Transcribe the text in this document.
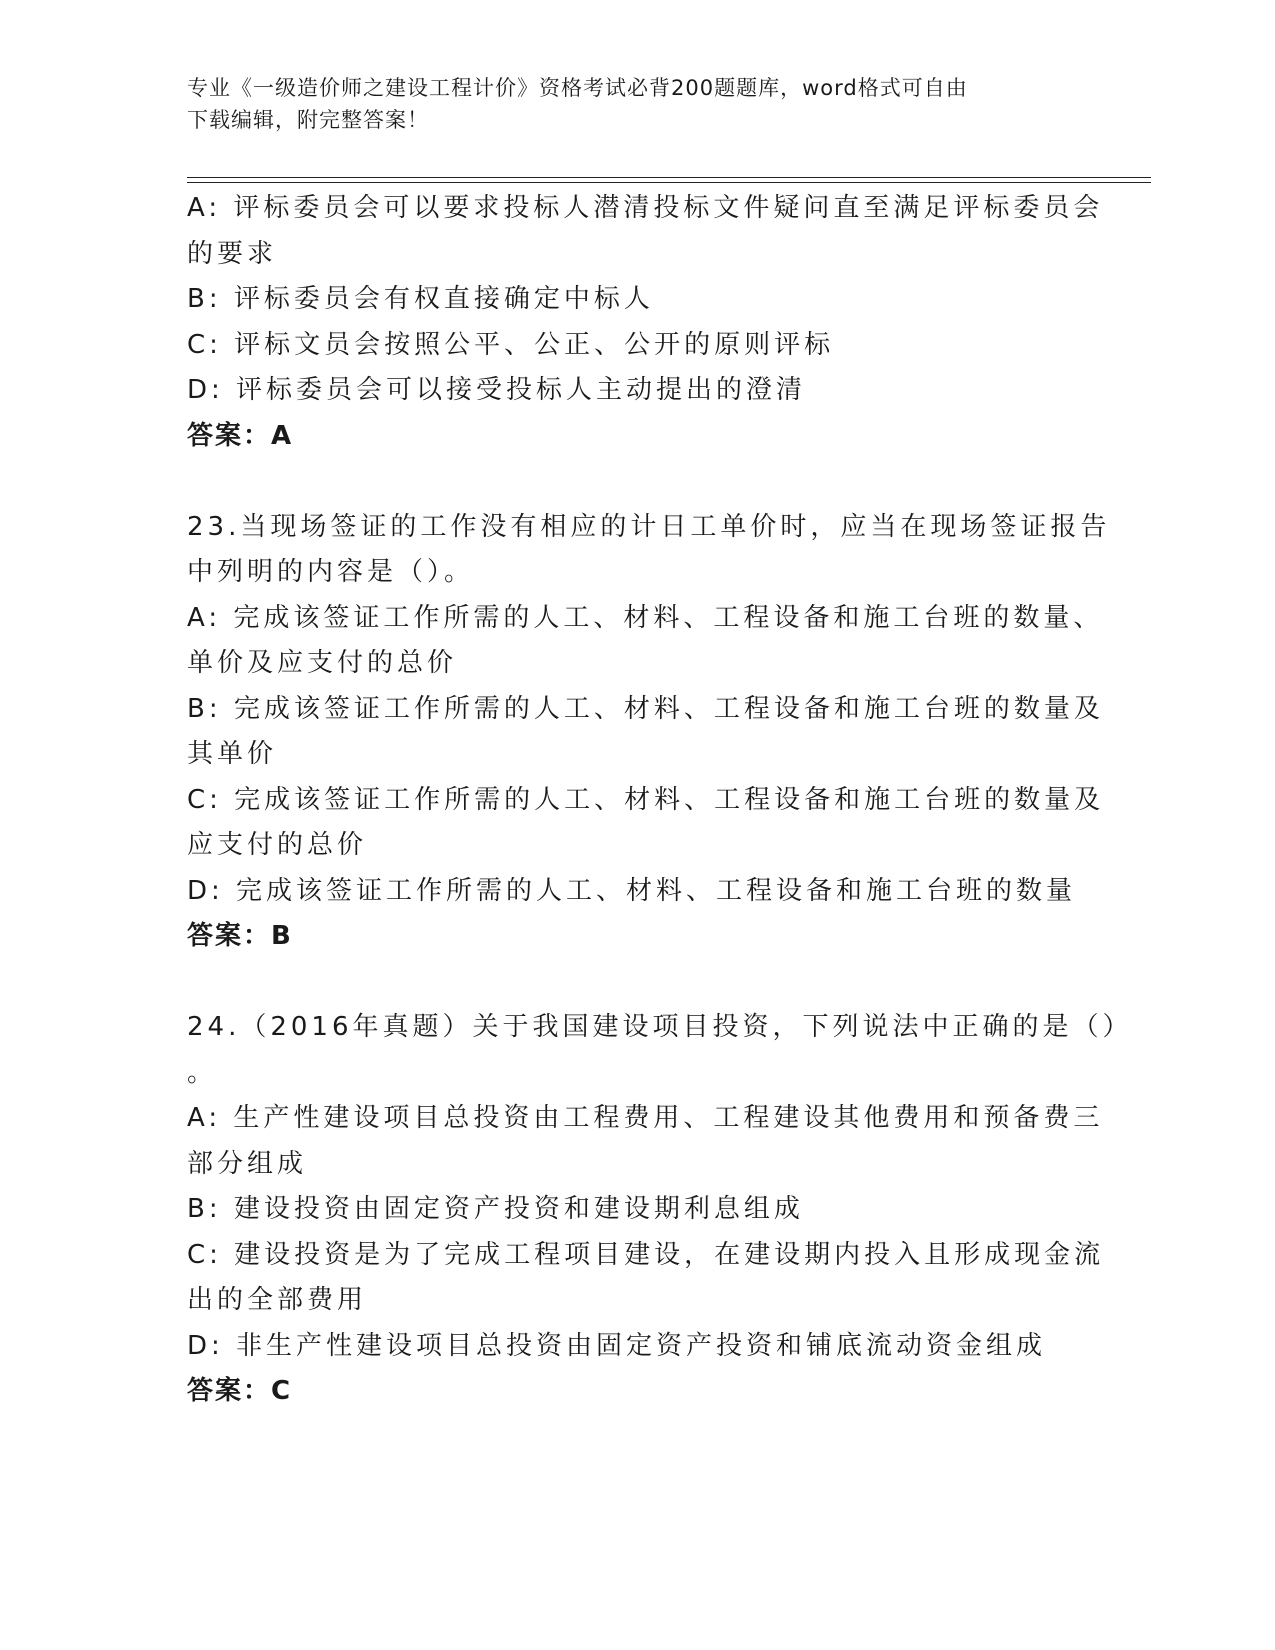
专业《一级造价师之建设工程计价》资格考试必背200题题库，word格式可自由
下载编辑，附完整答案！
A: 评标委员会可以要求投标人潜清投标文件疑问直至满足评标委员会
的要求
B: 评标委员会有权直接确定中标人
C: 评标文员会按照公平、公正、公开的原则评标
D: 评标委员会可以接受投标人主动提出的澄清
答案：A
23.当现场签证的工作没有相应的计日工单价时，应当在现场签证报告
中列明的内容是（）。
A: 完成该签证工作所需的人工、材料、工程设备和施工台班的数量、
单价及应支付的总价
B: 完成该签证工作所需的人工、材料、工程设备和施工台班的数量及
其单价
C: 完成该签证工作所需的人工、材料、工程设备和施工台班的数量及
应支付的总价
D: 完成该签证工作所需的人工、材料、工程设备和施工台班的数量
答案：B
24.（2016年真题）关于我国建设项目投资，下列说法中正确的是（）
。
A: 生产性建设项目总投资由工程费用、工程建设其他费用和预备费三
部分组成
B: 建设投资由固定资产投资和建设期利息组成
C: 建设投资是为了完成工程项目建设，在建设期内投入且形成现金流
出的全部费用
D: 非生产性建设项目总投资由固定资产投资和铺底流动资金组成
答案：C
